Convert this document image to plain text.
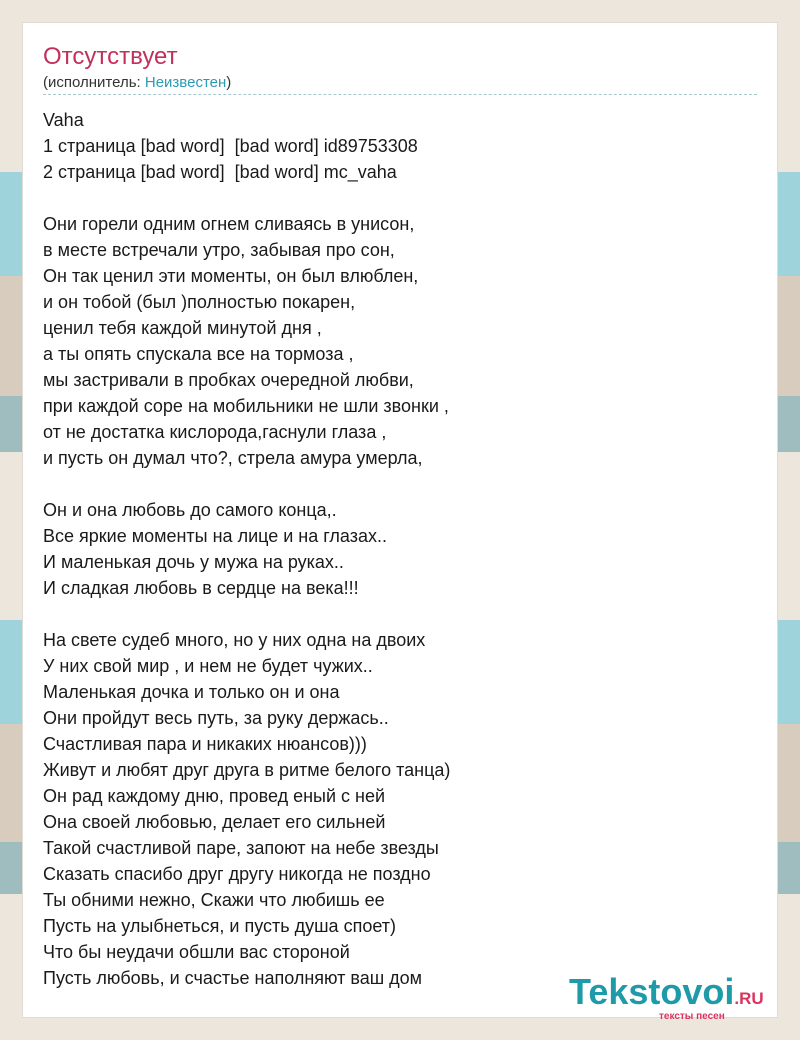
Отсутствует
(исполнитель: Неизвестен)
Vaha
1 страница [bad word]  [bad word] id89753308
2 страница [bad word]  [bad word] mc_vaha
Они горели одним огнем сливаясь в унисон,
в месте встречали утро, забывая про сон,
Он так ценил эти моменты, он был влюблен,
и он тобой (был )полностью покарен,
ценил тебя каждой минутой дня ,
а ты опять спускала все на тормоза ,
мы застривали в пробках очередной любви,
при каждой соре на мобильники не шли звонки ,
от не достатка кислорода,гаснули глаза ,
и пусть он думал что?, стрела амура умерла,
Он и она любовь до самого конца,.
Все яркие моменты на лице и на глазах..
И маленькая дочь у мужа на руках..
И сладкая любовь в сердце на века!!!
На свете судеб много, но у них одна на двоих
У них свой мир , и нем не будет чужих..
Маленькая дочка и только он и она
Они пройдут весь путь, за руку держась..
Счастливая пара и никаких нюансов)))
Живут и любят друг друга в ритме белого танца)
Он рад каждому дню, провед еный с ней
Она своей любовью, делает его сильней
Такой счастливой паре, запоют на небе звезды
Сказать спасибо друг другу никогда не поздно
Ты обними нежно, Скажи что любишь ее
Пусть на улыбнеться, и пусть душа споет)
Что бы неудачи обшли вас стороной
Пусть любовь, и счастье наполняют ваш дом	Tekstovoi.RU
тексты песен
